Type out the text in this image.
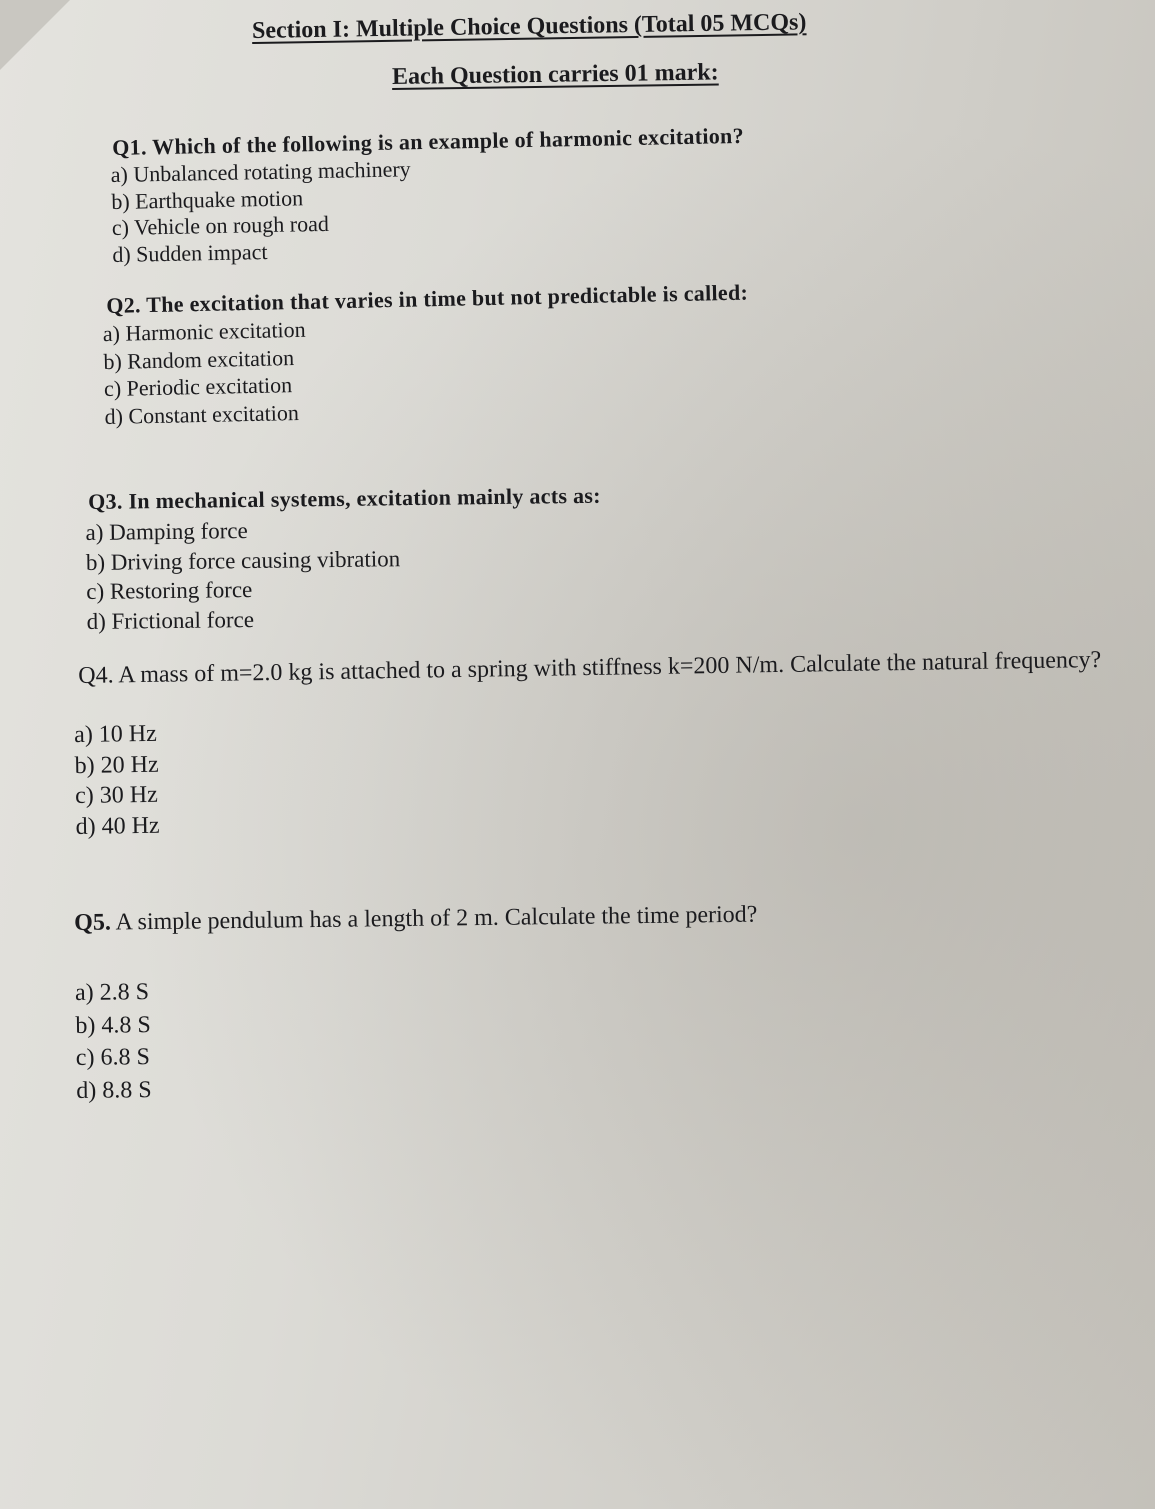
Section I: Multiple Choice Questions (Total 05 MCQs)
Each Question carries 01 mark:
Q1. Which of the following is an example of harmonic excitation?
a) Unbalanced rotating machinery
b) Earthquake motion
c) Vehicle on rough road
d) Sudden impact
Q2. The excitation that varies in time but not predictable is called:
a) Harmonic excitation
b) Random excitation
c) Periodic excitation
d) Constant excitation
Q3. In mechanical systems, excitation mainly acts as:
a) Damping force
b) Driving force causing vibration
c) Restoring force
d) Frictional force
Q4. A mass of m=2.0 kg is attached to a spring with stiffness k=200 N/m. Calculate the natural frequency?
a) 10 Hz
b) 20 Hz
c) 30 Hz
d) 40 Hz
Q5. A simple pendulum has a length of 2 m. Calculate the time period?
a) 2.8 S
b) 4.8 S
c) 6.8 S
d) 8.8 S
